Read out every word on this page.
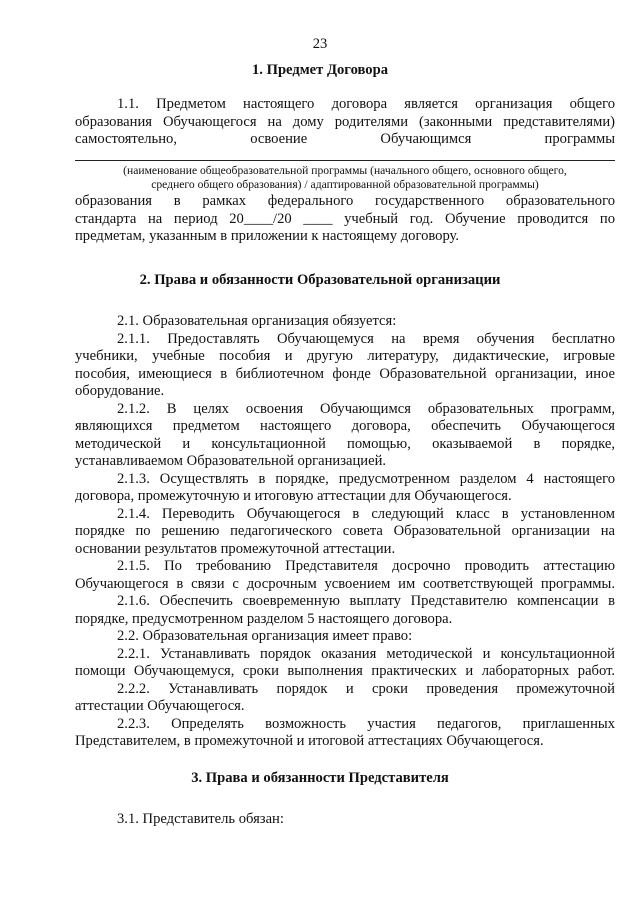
23
1. Предмет Договора
1.1. Предметом настоящего договора является организация общего
образования Обучающегося на дому родителями (законными представителями)
самостоятельно, освоение Обучающимся программы
(наименование общеобразовательной программы (начального общего, основного общего,
среднего общего образования) / адаптированной образовательной программы)
образования в рамках федерального государственного образовательного
стандарта на период 20____/20 ____ учебный год. Обучение проводится по
предметам, указанным в приложении к настоящему договору.
2. Права и обязанности Образовательной организации
2.1. Образовательная организация обязуется:
2.1.1. Предоставлять Обучающемуся на время обучения бесплатно
учебники, учебные пособия и другую литературу, дидактические, игровые
пособия, имеющиеся в библиотечном фонде Образовательной организации, иное
оборудование.
2.1.2. В целях освоения Обучающимся образовательных программ,
являющихся предметом настоящего договора, обеспечить Обучающегося
методической и консультационной помощью, оказываемой в порядке,
устанавливаемом Образовательной организацией.
2.1.3. Осуществлять в порядке, предусмотренном разделом 4 настоящего
договора, промежуточную и итоговую аттестации для Обучающегося.
2.1.4. Переводить Обучающегося в следующий класс в установленном
порядке по решению педагогического совета Образовательной организации на
основании результатов промежуточной аттестации.
2.1.5. По требованию Представителя досрочно проводить аттестацию
Обучающегося в связи с досрочным усвоением им соответствующей программы.
2.1.6. Обеспечить своевременную выплату Представителю компенсации в
порядке, предусмотренном разделом 5 настоящего договора.
2.2. Образовательная организация имеет право:
2.2.1. Устанавливать порядок оказания методической и консультационной
помощи Обучающемуся, сроки выполнения практических и лабораторных работ.
2.2.2. Устанавливать порядок и сроки проведения промежуточной
аттестации Обучающегося.
2.2.3. Определять возможность участия педагогов, приглашенных
Представителем, в промежуточной и итоговой аттестациях Обучающегося.
3. Права и обязанности Представителя
3.1. Представитель обязан:
